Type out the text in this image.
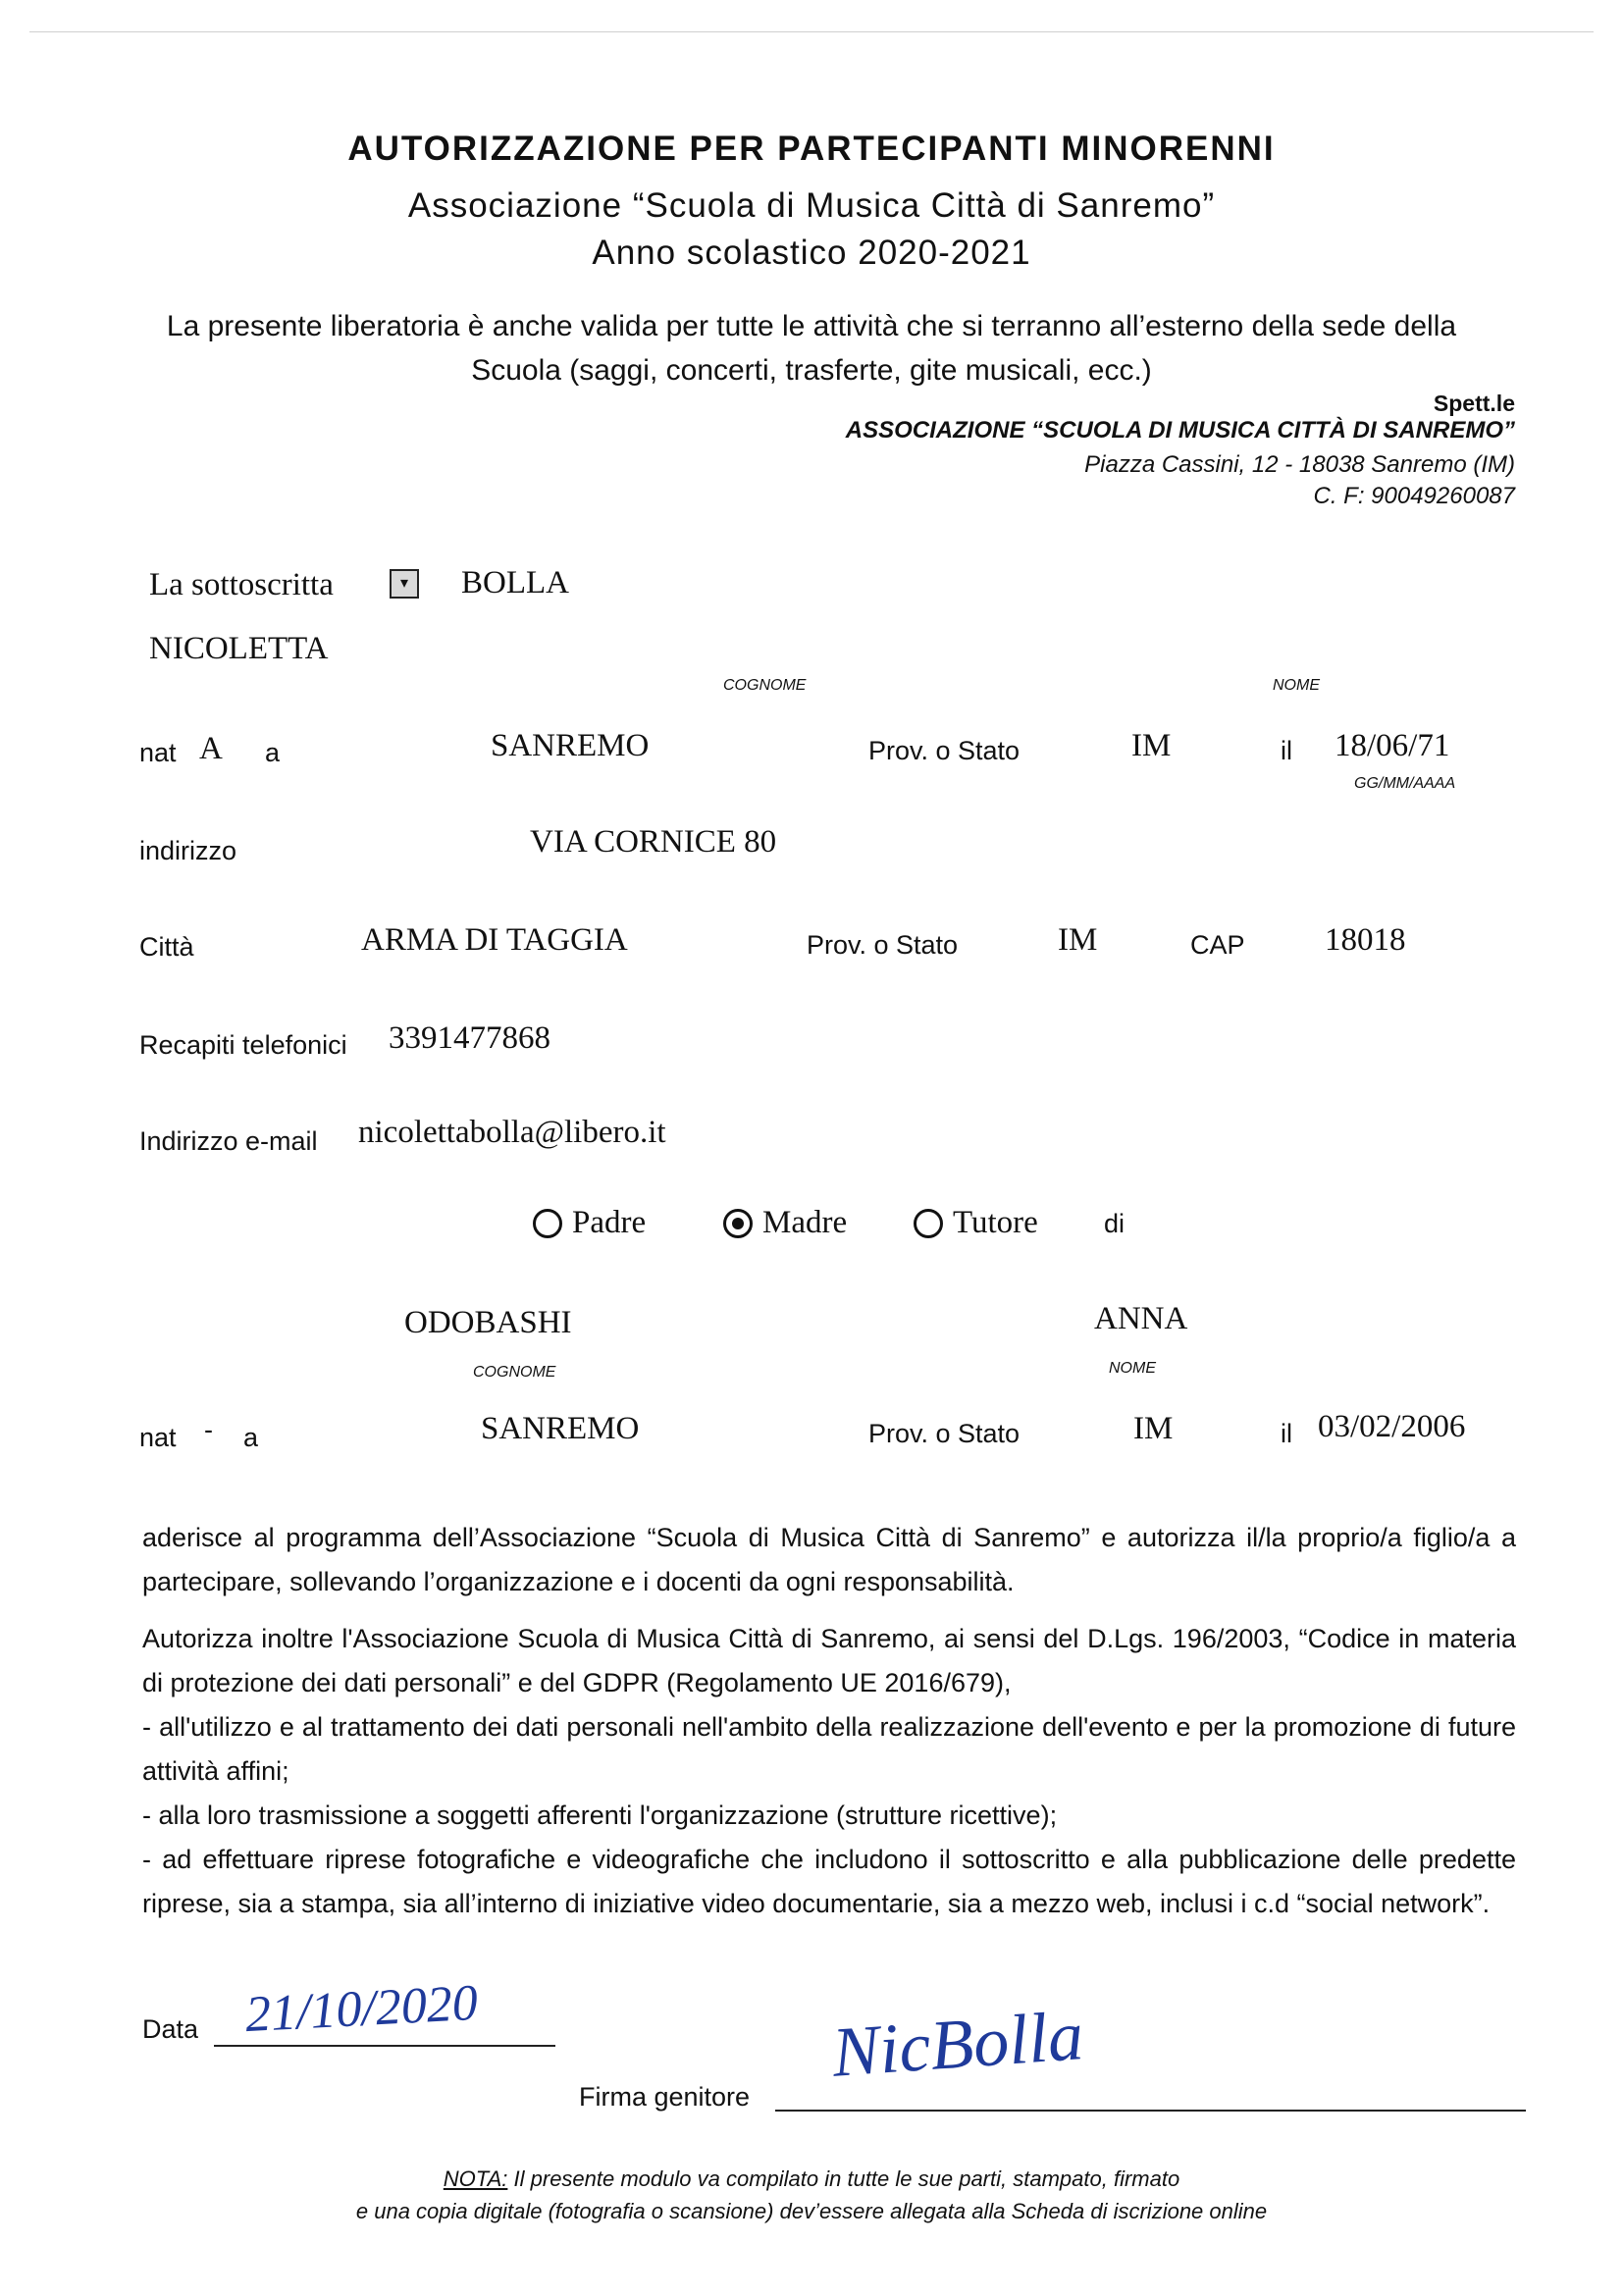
AUTORIZZAZIONE PER PARTECIPANTI MINORENNI
Associazione “Scuola di Musica Città di Sanremo”
Anno scolastico 2020-2021
La presente liberatoria è anche valida per tutte le attività che si terranno all’esterno della sede della Scuola (saggi, concerti, trasferte, gite musicali, ecc.)
Spett.le
ASSOCIAZIONE “SCUOLA DI MUSICA CITTÀ DI SANREMO”
Piazza Cassini, 12 - 18038 Sanremo (IM)
C. F: 90049260087
La sottoscritta	▾	BOLLA
NICOLETTA
COGNOME	NOME
nat A a	SANREMO	Prov. o Stato	IM	il 18/06/71
GG/MM/AAAA
indirizzo	VIA CORNICE 80
Città	ARMA DI TAGGIA	Prov. o Stato	IM	CAP 18018
Recapiti telefonici 3391477868
Indirizzo e-mail nicolettabolla@libero.it
Padre	Madre	Tutore di
ODOBASHI	ANNA
COGNOME	NOME
nat - a	SANREMO	Prov. o Stato	IM	il 03/02/2006
aderisce al programma dell’Associazione “Scuola di Musica Città di Sanremo” e autorizza il/la proprio/a figlio/a a partecipare, sollevando l’organizzazione e i docenti da ogni responsabilità.
Autorizza inoltre l'Associazione Scuola di Musica Città di Sanremo, ai sensi del D.Lgs. 196/2003, “Codice in materia di protezione dei dati personali” e del GDPR (Regolamento UE 2016/679),
- all'utilizzo e al trattamento dei dati personali nell'ambito della realizzazione dell'evento e per la promozione di future attività affini;
- alla loro trasmissione a soggetti afferenti l'organizzazione (strutture ricettive);
- ad effettuare riprese fotografiche e videografiche che includono il sottoscritto e alla pubblicazione delle predette riprese, sia a stampa, sia all’interno di iniziative video documentarie, sia a mezzo web, inclusi i c.d “social network”.
Data 21/10/2020
Firma genitore
NicBolla
NOTA: Il presente modulo va compilato in tutte le sue parti, stampato, firmato
e una copia digitale (fotografia o scansione) dev’essere allegata alla Scheda di iscrizione online
